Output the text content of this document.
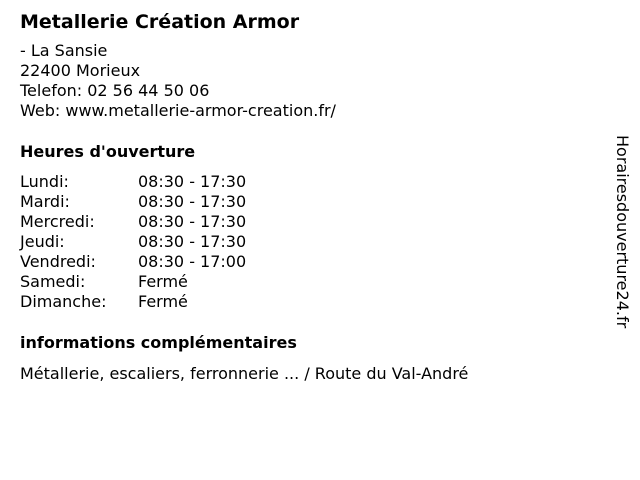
Metallerie Création Armor
- La Sansie
22400 Morieux
Telefon: 02 56 44 50 06
Web: www.metallerie-armor-creation.fr/
Heures d'ouverture
Lundi:	08:30 - 17:30
Mardi:	08:30 - 17:30
Mercredi:	08:30 - 17:30
Jeudi:	08:30 - 17:30
Vendredi:	08:30 - 17:00
Samedi:	Fermé
Dimanche:	Fermé
informations complémentaires
Métallerie, escaliers, ferronnerie ... / Route du Val-André
Horairesdouverture24.fr
